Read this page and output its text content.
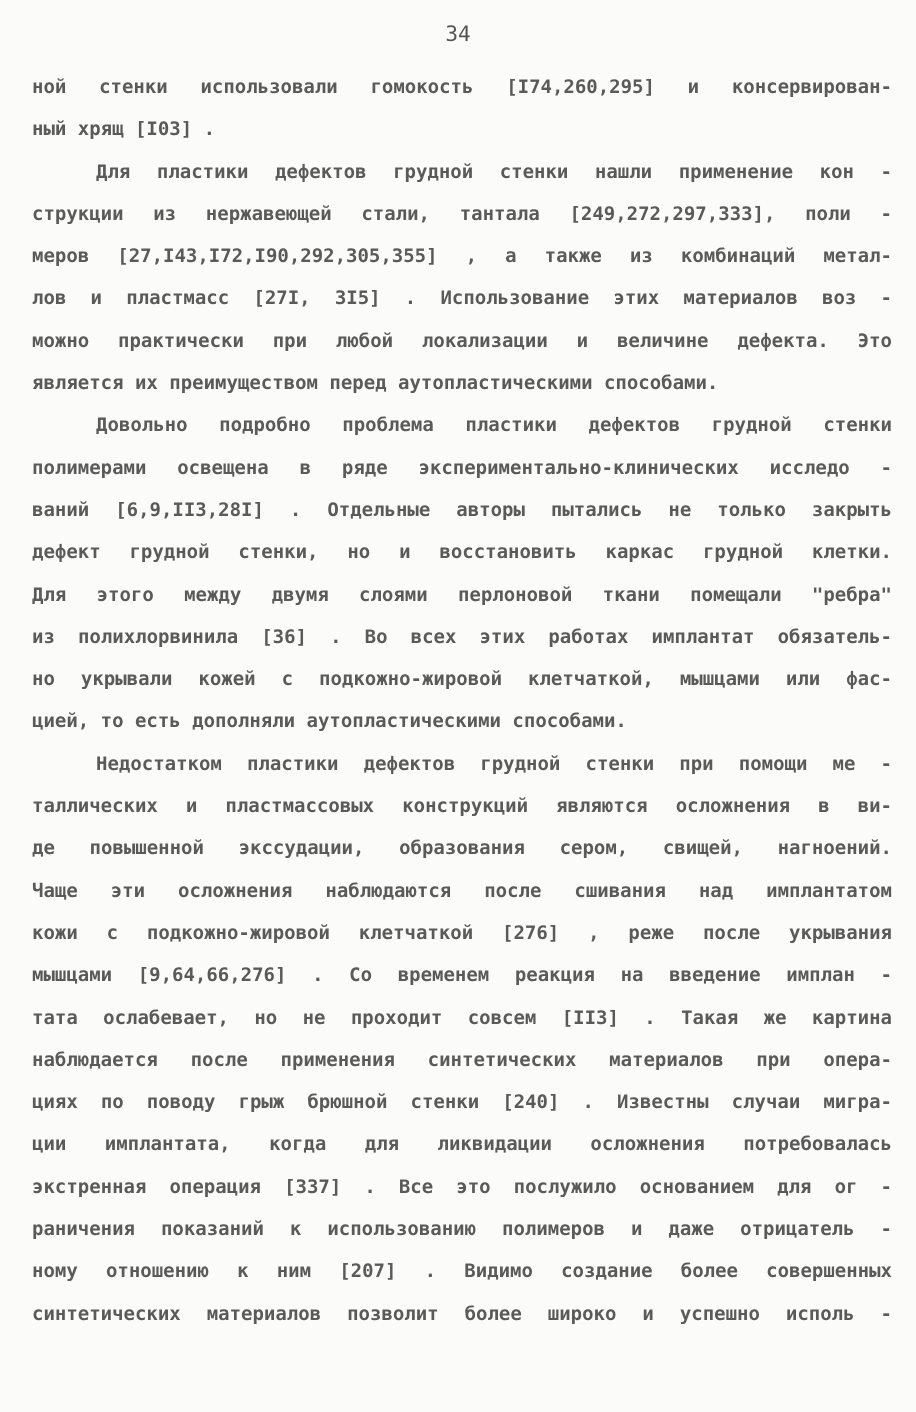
34
ной стенки использовали гомокость [I74,260,295] и консервирован-
ный хрящ [I03] .
Для пластики дефектов грудной стенки нашли применение кон -
струкции из нержавеющей стали, тантала [249,272,297,333], поли -
меров [27,I43,I72,I90,292,305,355] , а также из комбинаций метал-
лов и пластмасс [27I, 3I5] . Использование этих материалов воз -
можно практически при любой локализации и величине дефекта. Это
является их преимуществом перед аутопластическими способами.
Довольно подробно проблема пластики дефектов грудной стенки
полимерами освещена в ряде экспериментально-клинических исследо -
ваний [6,9,II3,28I] . Отдельные авторы пытались не только закрыть
дефект грудной стенки, но и восстановить каркас грудной клетки.
Для этого между двумя слоями перлоновой ткани помещали "ребра"
из полихлорвинила [36] . Во всех этих работах имплантат обязатель-
но укрывали кожей с подкожно-жировой клетчаткой, мышцами или фас-
цией, то есть дополняли аутопластическими способами.
Недостатком пластики дефектов грудной стенки при помощи ме -
таллических и пластмассовых конструкций являются осложнения в ви-
де повышенной экссудации, образования сером, свищей, нагноений.
Чаще эти осложнения наблюдаются после сшивания над имплантатом
кожи с подкожно-жировой клетчаткой [276] , реже после укрывания
мышцами [9,64,66,276] . Со временем реакция на введение имплан -
тата ослабевает, но не проходит совсем [II3] . Такая же картина
наблюдается после применения синтетических материалов при опера-
циях по поводу грыж брюшной стенки [240] . Известны случаи мигра-
ции имплантата, когда для ликвидации осложнения потребовалась
экстренная операция [337] . Все это послужило основанием для ог -
раничения показаний к использованию полимеров и даже отрицатель -
ному отношению к ним [207] . Видимо создание более совершенных
синтетических материалов позволит более широко и успешно исполь -
